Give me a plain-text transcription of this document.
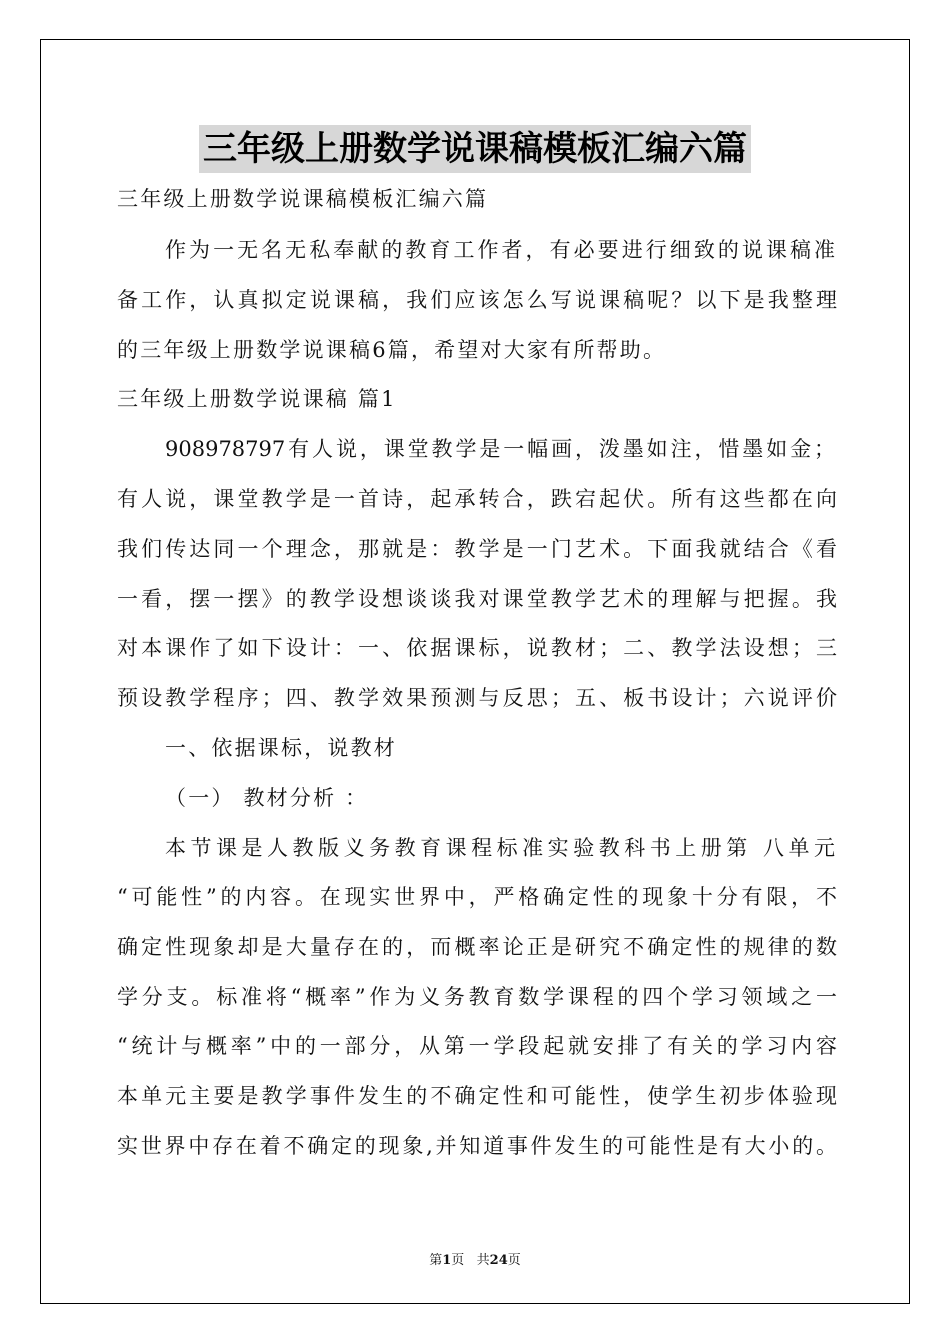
三年级上册数学说课稿模板汇编六篇
三年级上册数学说课稿模板汇编六篇
作为一无名无私奉献的教育工作者，有必要进行细致的说课稿准
备工作，认真拟定说课稿，我们应该怎么写说课稿呢？以下是我整理
的三年级上册数学说课稿6篇，希望对大家有所帮助。
三年级上册数学说课稿 篇1
908978797有人说，课堂教学是一幅画，泼墨如注，惜墨如金；
有人说，课堂教学是一首诗，起承转合，跌宕起伏。所有这些都在向
我们传达同一个理念，那就是：教学是一门艺术。下面我就结合《看
一看，摆一摆》的教学设想谈谈我对课堂教学艺术的理解与把握。我
对本课作了如下设计：一、依据课标，说教材；二、教学法设想；三
预设教学程序；四、教学效果预测与反思；五、板书设计；六说评价
一、依据课标，说教材
（一） 教材分析 ：
本节课是人教版义务教育课程标准实验教科书上册第 八单元
“可能性”的内容。在现实世界中，严格确定性的现象十分有限，不
确定性现象却是大量存在的，而概率论正是研究不确定性的规律的数
学分支。标准将“概率”作为义务教育数学课程的四个学习领域之一
“统计与概率”中的一部分，从第一学段起就安排了有关的学习内容
本单元主要是教学事件发生的不确定性和可能性，使学生初步体验现
实世界中存在着不确定的现象,并知道事件发生的可能性是有大小的。
第1页   共24页
